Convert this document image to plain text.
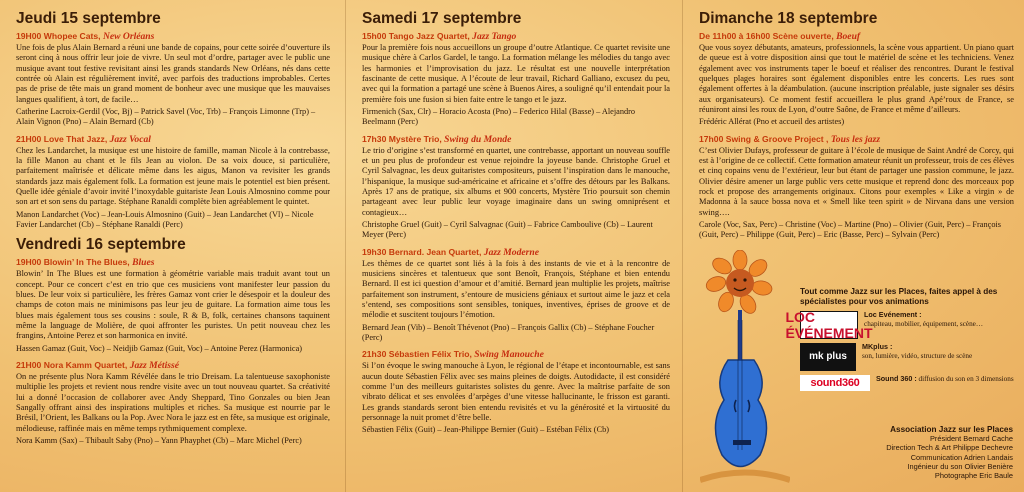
Jeudi 15 septembre
19H00 Whopee Cats, New Orléans
Une fois de plus Alain Bernard a réuni une bande de copains, pour cette soirée d’ouverture ils seront cinq à nous offrir leur joie de vivre. Un seul mot d’ordre, partager avec le public une musique avant tout festive revisitant ainsi les grands standards New Orléans, nés dans cette contrée où Alain est régulièrement invité, avec parfois des traductions improbables. Certes pas de prise de tête mais un grand moment de bonheur avec une musique que les mauvaises langues qualifient, à tort, de facile…
Catherine Lacroix-Gerdil (Voc, Bj) – Patrick Savel (Voc, Trb) – François Limonne (Trp) – Alain Vignon (Pno) – Alain Bernard (Cb)
21H00 Love That Jazz, Jazz Vocal
Chez les Landarchet, la musique est une histoire de famille, maman Nicole à la contrebasse, la fille Manon au chant et le fils Jean au violon. De sa voix douce, si particulière, parfaitement maîtrisée et délicate même dans les aigus, Manon va revisiter les grands standards jazz mais également folk. La formation est jeune mais le potentiel est bien présent. Quelle idée géniale d’avoir invité l’inoxydable guitariste Jean Louis Almosnino comme pour son art et son sens du partage. Stéphane Ranaldi complète bien agréablement le quintet.
Manon Landarchet (Voc) – Jean-Louis Almosnino (Guit) – Jean Landarchet (Vl) – Nicole Favier Landarchet (Cb) – Stéphane Ranaldi (Perc)
Vendredi 16 septembre
19H00 Blowin’ In The Blues, Blues
Blowin’ In The Blues est une formation à géométrie variable mais traduit avant tout un concept. Pour ce concert c’est en trio que ces musiciens vont manifester leur passion du blues. De leur voix si particulière, les frères Gamaz vont crier le désespoir et la douleur des champs de coton mais ne minimisons pas leur jeu de guitare. La formation aime tous les blues mais également tous ses cousins : soule, R & B, folk, certaines chansons taquinent même la language de Molière, de quoi affronter les puristes. Un petit nouveau chez les frangins, Antoine Perez et son harmonica en invité.
Hassen Gamaz (Guit, Voc) – Neidjib Gamaz (Guit, Voc) – Antoine Perez (Harmonica)
21H00 Nora Kamm Quartet, Jazz Métissé
On ne présente plus Nora Kamm Révélée dans le trio Dreisam. La talentueuse saxophoniste multiplie les projets et revient nous rendre visite avec un tout nouveau quartet. Sa créativité lui a donné l’occasion de collaborer avec Andy Sheppard, Tino Gonzales ou bien Jean Sangally offrant ainsi des inspirations multiples et riches. Sa musique est nourrie par le Brésil, l’Orient, les Balkans ou la Pop. Avec Nora le jazz est en fête, sa musique est originale, mélodieuse, raffinée mais en même temps rythmiquement complexe.
Nora Kamm (Sax) – Thibault Saby (Pno) – Yann Phayphet (Cb) – Marc Michel (Perc)
Samedi 17 septembre
15h00 Tango Jazz Quartet, Jazz Tango
Pour la première fois nous accueillons un groupe d’outre Atlantique. Ce quartet revisite une musique chère à Carlos Gardel, le tango. La formation mélange les mélodies du tango avec les harmonies et l’improvisation du jazz. Le résultat est une nouvelle interprétation fascinante de cette musique. A l’écoute de leur travail, Richard Galliano, excusez du peu, avec qui la formation a partagé une scène à Buenos Aires, a souligné qu’il entendait pour la première fois une fusion si bien faite entre le tango et le jazz.
Firmenich (Sax, Clr) – Horacio Acosta (Pno) – Federico Hilal (Basse) – Alejandro Beelmann (Perc)
17h30 Mystère Trio, Swing du Monde
Le trio d’origine s’est transformé en quartet, une contrebasse, apportant un nouveau souffle et un peu plus de profondeur est venue rejoindre la joyeuse bande. Christophe Gruel et Cyril Salvagnac, les deux guitaristes compositeurs, puisent l’inspiration dans le manouche, l’hispanique, la musique sud-américaine et africaine et s’offre des détours par les Balkans. Après 17 ans de pratique, six albums et 900 concerts, Mystère Trio poursuit son chemin partageant avec leur public leur voyage imaginaire dans un swing omniprésent et contagieux…
Christophe Gruel (Guit) – Cyril Salvagnac (Guit) – Fabrice Camboulive (Cb) – Laurent Meyer (Perc)
19h30 Bernard. Jean Quartet, Jazz Moderne
Les thèmes de ce quartet sont liés à la fois à des instants de vie et à la rencontre de musiciens sincères et talentueux que sont Benoît, François, Stéphane et bien entendu Bernard. Il est ici question d’amour et d’amitié. Bernard jean multiplie les projets, maîtrise parfaitement son instrument, s’entoure de musiciens géniaux et surtout aime le jazz et cela s’entend, ses compositions sont sensibles, toniques, inventives, éprises de groove et de mélodie et suscitent toujours l’émotion.
Bernard Jean (Vib) – Benoît Thévenot (Pno) – François Gallix (Cb) – Stéphane Foucher (Perc)
21h30 Sébastien Félix Trio, Swing Manouche
Si l’on évoque le swing manouche à Lyon, le régional de l’étape et incontournable, est sans aucun doute Sébastien Félix avec ses mains pleines de doigts. Autodidacte, il est considéré comme l’un des meilleurs guitaristes solistes du genre. Avec la maîtrise parfaite de son vibrato délicat et ses envolées d’arpèges d’une vitesse hallucinante, le frisson est garanti. Les grands standards seront bien entendu revisités et vu la générosité et la virtuosité du personnage la nuit promet d’être belle.
Sébastien Félix (Guit) – Jean-Philippe Bernier (Guit) – Estéban Félix (Cb)
Dimanche 18 septembre
De 11h00 à 16h00 Scène ouverte, Boeuf
Que vous soyez débutants, amateurs, professionnels, la scène vous appartient. Un piano quart de queue est à votre disposition ainsi que tout le matériel de scène et les techniciens. Venez également avec vos instruments taper le boeuf et réaliser des rencontres. Durant le festival quelques plages horaires sont également disponibles entre les concerts. Les rues sont également offertes à la déambulation. (aucune inscription préalable, juste signaler ses désirs aux organisateurs). Ce moment festif accueillera le plus grand Apé’roux de France, se réuniront ainsi les roux de Lyon, d’outre Saône, de France et même d’ailleurs.
Frédéric Allérat (Pno et accueil des artistes)
17h00 Swing & Groove Project , Tous les jazz
C’est Olivier Dufays, professeur de guitare à l’école de musique de Saint André de Corcy, qui est à l’origine de ce collectif. Cette formation amateur réunit un professeur, trois de ces élèves et cinq copains venu de l’extérieur, leur but étant de partager une passion commune, le jazz. Olivier désire amener un large public vers cette musique et reprend donc des morceaux pop rock et propose des arrangements originaux. Citons pour exemples « Like a virgin » de Madonna à la sauce bossa nova et « Smell like teen spirit » de Nirvana dans une version swing….
Carole (Voc, Sax, Perc) – Christine (Voc) – Martine (Pno) – Olivier (Guit, Perc) – François (Guit, Perc) – Philippe (Guit, Perc) – Eric (Basse, Perc) – Sylvain (Perc)
Tout comme Jazz sur les Places, faites appel à des spécialistes pour vos animations
LOC ÉVÉNEMENT
Loc Evénement :
chapiteau, mobilier, équipement, scène…
mk plus
MKplus :
son, lumière, vidéo, structure de scène
sound360	Sound 360 : diffusion du son en 3 dimensions
Association Jazz sur les Places
Président Bernard Cache
Direction Tech & Art Philippe Dechevre
Communication Adrien Landais
Ingénieur du son Olivier Benière
Photographe Eric Baule
